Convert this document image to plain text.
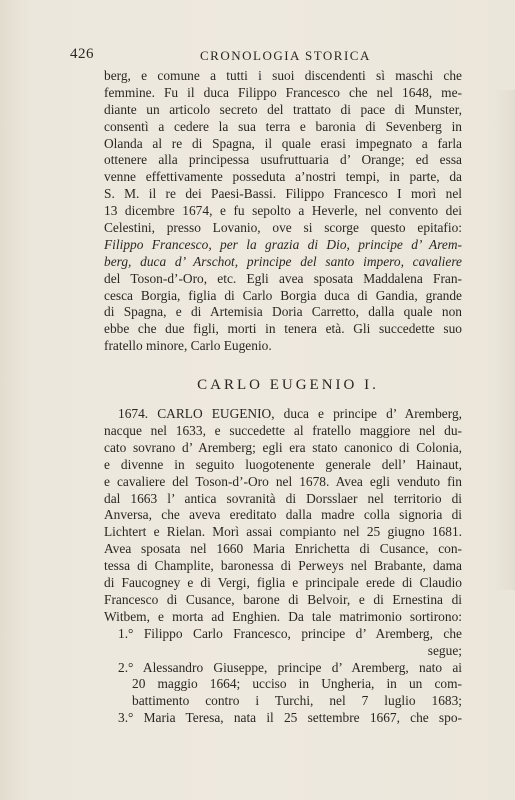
426	CRONOLOGIA STORICA
berg, e comune a tutti i suoi discendenti sì maschi che
femmine. Fu il duca Filippo Francesco che nel 1648, me-
diante un articolo secreto del trattato di pace di Munster,
consentì a cedere la sua terra e baronia di Sevenberg in
Olanda al re di Spagna, il quale erasi impegnato a farla
ottenere alla principessa usufruttuaria d’ Orange; ed essa
venne effettivamente posseduta a’nostri tempi, in parte, da
S. M. il re dei Paesi-Bassi. Filippo Francesco I morì nel
13 dicembre 1674, e fu sepolto a Heverle, nel convento dei
Celestini, presso Lovanio, ove si scorge questo epitafio:
Filippo Francesco, per la grazia di Dio, principe d’ Arem-
berg, duca d’ Arschot, principe del santo impero, cavaliere
del Toson-d’-Oro, etc. Egli avea sposata Maddalena Fran-
cesca Borgia, figlia di Carlo Borgia duca di Gandia, grande
di Spagna, e di Artemisia Doria Carretto, dalla quale non
ebbe che due figli, morti in tenera età. Gli succedette suo
fratello minore, Carlo Eugenio.
CARLO EUGENIO I.
1674. CARLO EUGENIO, duca e principe d’ Aremberg,
nacque nel 1633, e succedette al fratello maggiore nel du-
cato sovrano d’ Aremberg; egli era stato canonico di Colonia,
e divenne in seguito luogotenente generale dell’ Hainaut,
e cavaliere del Toson-d’-Oro nel 1678. Avea egli venduto fin
dal 1663 l’ antica sovranità di Dorsslaer nel territorio di
Anversa, che aveva ereditato dalla madre colla signoria di
Lichtert e Rielan. Morì assai compianto nel 25 giugno 1681.
Avea sposata nel 1660 Maria Enrichetta di Cusance, con-
tessa di Champlite, baronessa di Perweys nel Brabante, dama
di Faucogney e di Vergi, figlia e principale erede di Claudio
Francesco di Cusance, barone di Belvoir, e di Ernestina di
Witbem, e morta ad Enghien. Da tale matrimonio sortirono:
1.° Filippo Carlo Francesco, principe d’ Aremberg, che
segue;
2.° Alessandro Giuseppe, principe d’ Aremberg, nato ai
20 maggio 1664; ucciso in Ungheria, in un com-
battimento contro i Turchi, nel 7 luglio 1683;
3.° Maria Teresa, nata il 25 settembre 1667, che spo-
